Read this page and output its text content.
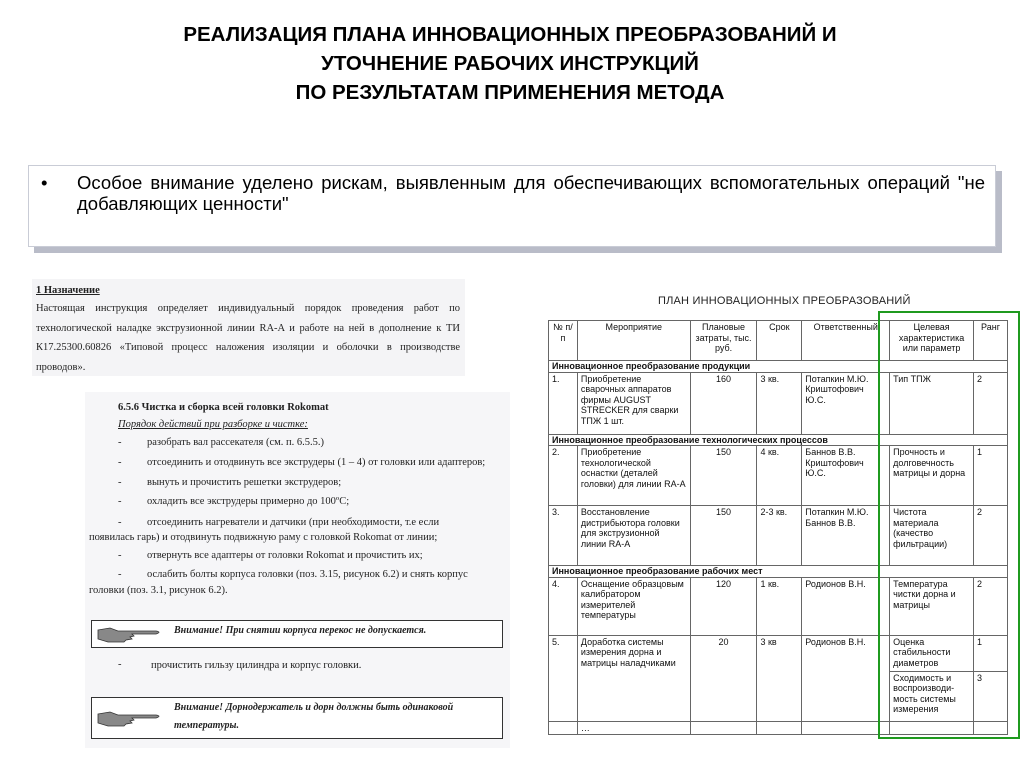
РЕАЛИЗАЦИЯ ПЛАНА ИННОВАЦИОННЫХ ПРЕОБРАЗОВАНИЙ И
УТОЧНЕНИЕ РАБОЧИХ ИНСТРУКЦИЙ
ПО РЕЗУЛЬТАТАМ ПРИМЕНЕНИЯ МЕТОДА
• Особое внимание уделено рискам, выявленным для обеспечивающих вспомогательных операций "не добавляющих ценности"
1 Назначение
Настоящая инструкция определяет индивидуальный порядок проведения работ по технологической наладке экструзионной линии RA-A и работе на ней в дополнение к ТИ К17.25300.60826 «Типовой процесс наложения изоляции и оболочки в производстве проводов».
6.5.6 Чистка и сборка всей головки Rokomat
Порядок действий при разборке и чистке:
- разобрать вал рассекателя (см. п. 6.5.5.)
- отсоединить и отодвинуть все экструдеры (1 – 4) от головки или адаптеров;
- вынуть и прочистить решетки экструдеров;
- охладить все экструдеры примерно до 100ºС;
- отсоединить нагреватели и датчики (при необходимости, т.е если
появилась гарь) и отодвинуть подвижную раму с головкой Rokomat от линии;
- отвернуть все адаптеры от головки Rokomat и прочистить их;
- ослабить болты корпуса головки (поз. 3.15, рисунок 6.2) и снять корпус
головки (поз. 3.1, рисунок 6.2).
Внимание! При снятии корпуса перекос не допускается.
-	прочистить гильзу цилиндра и корпус головки.
Внимание! Дорнодержатель и дорн должны быть одинаковой
температуры.
ПЛАН ИННОВАЦИОННЫХ ПРЕОБРАЗОВАНИЙ
№ п/п	Мероприятие	Плановые затраты, тыс. руб.	Срок	Ответственный	Целевая характеристика или параметр	Ранг
Инновационное преобразование продукции						
1.	Приобретение сварочных аппаратов фирмы AUGUST STRECKER для сварки ТПЖ 1 шт.	160	3 кв.	Потапкин М.Ю. Криштофович Ю.С.	Тип ТПЖ	2
Инновационное преобразование технологических процессов						
2.	Приобретение технологической оснастки (деталей головки) для линии RA-A	150	4 кв.	Баннов В.В. Криштофович Ю.С.	Прочность и долговечность матрицы и дорна	1
3.	Восстановление дистрибьютора головки для экструзионной линии RA-A	150	2-3 кв.	Потапкин М.Ю. Баннов В.В.	Чистота материала (качество фильтрации)	2
Инновационное преобразование рабочих мест						
4.	Оснащение образцовым калибратором измерителей температуры	120	1 кв.	Родионов В.Н.	Температура чистки дорна и матрицы	2
5.	Доработка системы измерения дорна и матрицы наладчиками	20	3 кв	Родионов В.Н.	Оценка стабильности диаметров	1
					Сходимость и воспроизводи-мость системы измерения	3
	…					
